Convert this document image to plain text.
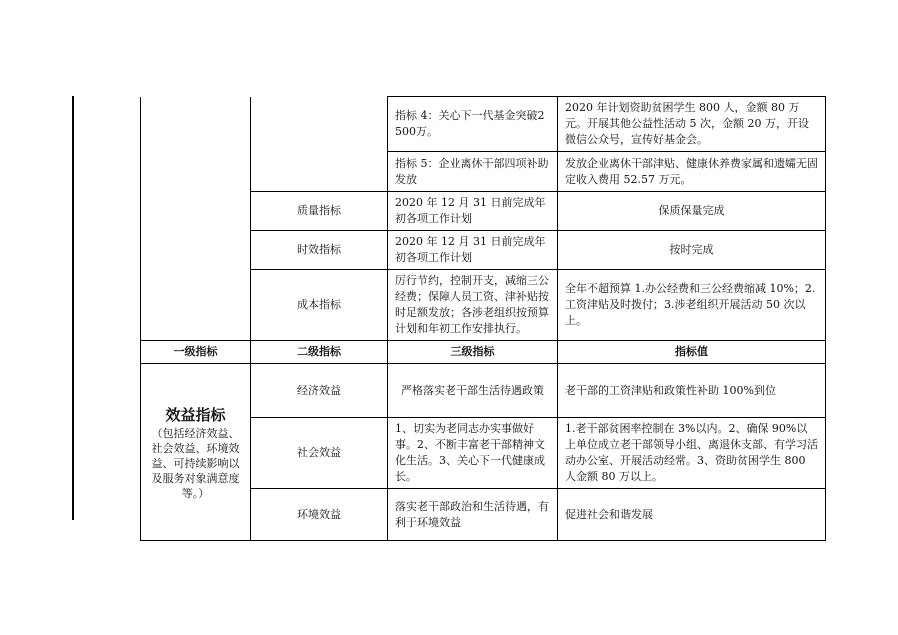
		指标 4：关心下一代基金突破2500万。	2020 年计划资助贫困学生 800 人，金额 80 万元。开展其他公益性活动 5 次，金额 20 万，开设微信公众号，宣传好基金会。
		指标 5：企业离休干部四项补助发放	发放企业离休干部津贴、健康休养费家属和遗孀无固定收入费用 52.57 万元。
	质量指标	2020 年 12 月 31 日前完成年初各项工作计划	保质保量完成
	时效指标	2020 年 12 月 31 日前完成年初各项工作计划	按时完成
	成本指标	厉行节约，控制开支，减缩三公经费；保障人员工资、津补贴按时足额发放；各涉老组织按预算计划和年初工作安排执行。	全年不超预算 1.办公经费和三公经费缩减 10%；2.工资津贴及时拨付；3.涉老组织开展活动 50 次以上。
一级指标	二级指标	三级指标	指标值

效益指标
（包括经济效益、社会效益、环境效益、可持续影响以及服务对象满意度等。）	经济效益	严格落实老干部生活待遇政策	老干部的工资津贴和政策性补助 100%到位
	社会效益	1、切实为老同志办实事做好事。2、不断丰富老干部精神文化生活。3、关心下一代健康成长。	1.老干部贫困率控制在 3%以内。2、确保 90%以上单位成立老干部领导小组、离退休支部、有学习活动办公室、开展活动经常。3、资助贫困学生 800 人金额 80 万以上。
	环境效益	落实老干部政治和生活待遇，有利于环境效益	促进社会和谐发展
